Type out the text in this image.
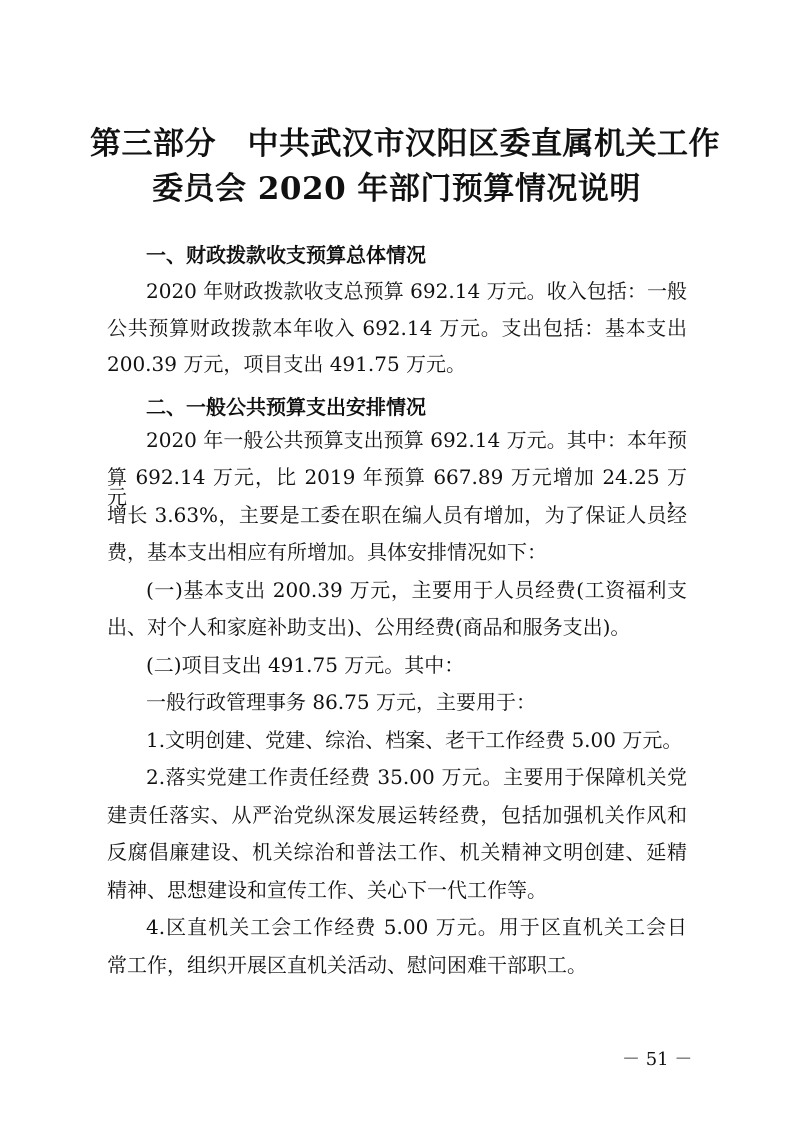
第三部分　中共武汉市汉阳区委直属机关工作
委员会 2020 年部门预算情况说明
一、财政拨款收支预算总体情况

2020 年财政拨款收支总预算 692.14 万元。收入包括：一般

公共预算财政拨款本年收入 692.14 万元。支出包括：基本支出

200.39 万元，项目支出 491.75 万元。

二、一般公共预算支出安排情况

2020 年一般公共预算支出预算 692.14 万元。其中：本年预

算 692.14 万元，比 2019 年预算 667.89 万元增加 24.25 万元，

增长 3.63%，主要是工委在职在编人员有增加，为了保证人员经

费，基本支出相应有所增加。具体安排情况如下：

(一)基本支出 200.39 万元，主要用于人员经费(工资福利支

出、对个人和家庭补助支出)、公用经费(商品和服务支出)。

(二)项目支出 491.75 万元。其中：

一般行政管理事务 86.75 万元，主要用于：

1.文明创建、党建、综治、档案、老干工作经费 5.00 万元。

2.落实党建工作责任经费 35.00 万元。主要用于保障机关党

建责任落实、从严治党纵深发展运转经费，包括加强机关作风和

反腐倡廉建设、机关综治和普法工作、机关精神文明创建、延精

精神、思想建设和宣传工作、关心下一代工作等。

4.区直机关工会工作经费 5.00 万元。用于区直机关工会日

常工作，组织开展区直机关活动、慰问困难干部职工。

－ 51 －
